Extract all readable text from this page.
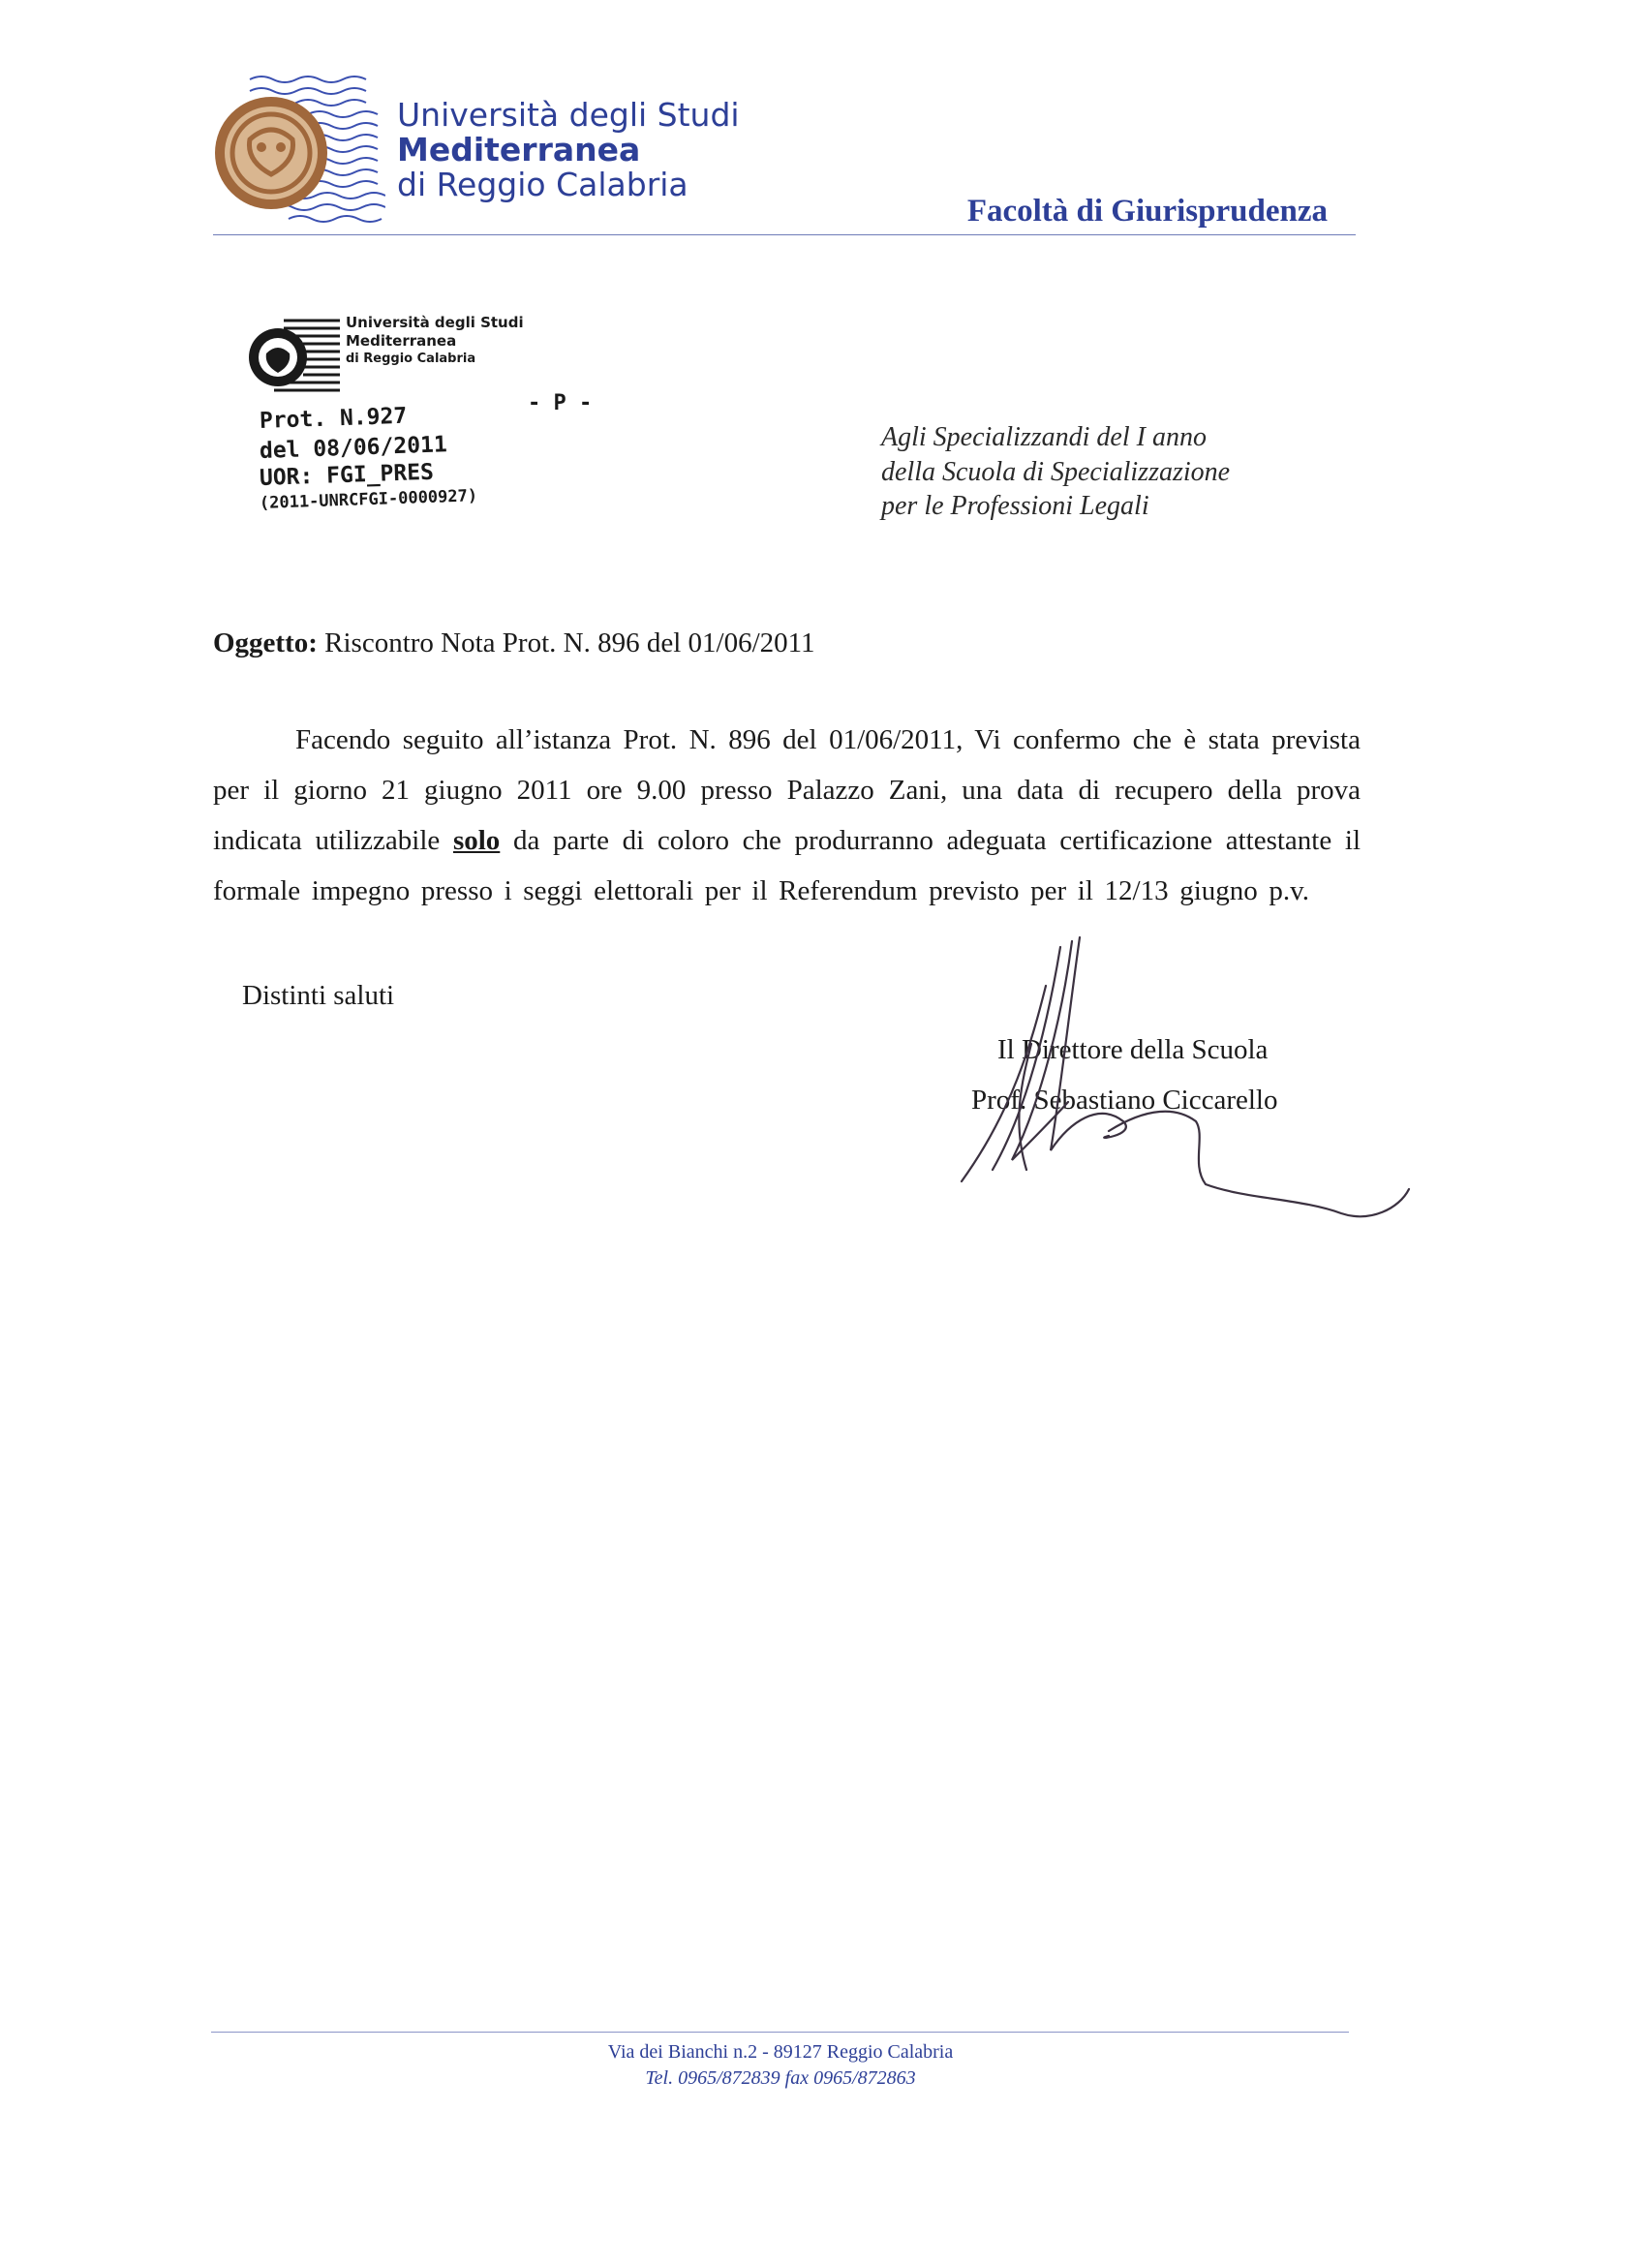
Università degli Studi
Mediterranea
di Reggio Calabria
Facoltà di Giurisprudenza
Università degli Studi
Mediterranea
di Reggio Calabria
Prot. N.927
- P -
del 08/06/2011
UOR: FGI_PRES
(2011-UNRCFGI-0000927)
Agli Specializzandi del I anno
della Scuola di Specializzazione
per le Professioni Legali
Oggetto: Riscontro Nota Prot. N. 896 del 01/06/2011
Facendo seguito all’istanza Prot. N. 896 del 01/06/2011, Vi confermo che è stata prevista
per il giorno 21 giugno 2011 ore 9.00 presso Palazzo Zani, una data di recupero della prova
indicata utilizzabile solo da parte di coloro che produrranno adeguata certificazione attestante il
formale impegno presso i seggi elettorali per il Referendum previsto per il 12/13 giugno p.v.
Distinti saluti
Il Direttore della Scuola
Prof. Sebastiano Ciccarello
Via dei Bianchi n.2 - 89127 Reggio Calabria
Tel. 0965/872839 fax 0965/872863
